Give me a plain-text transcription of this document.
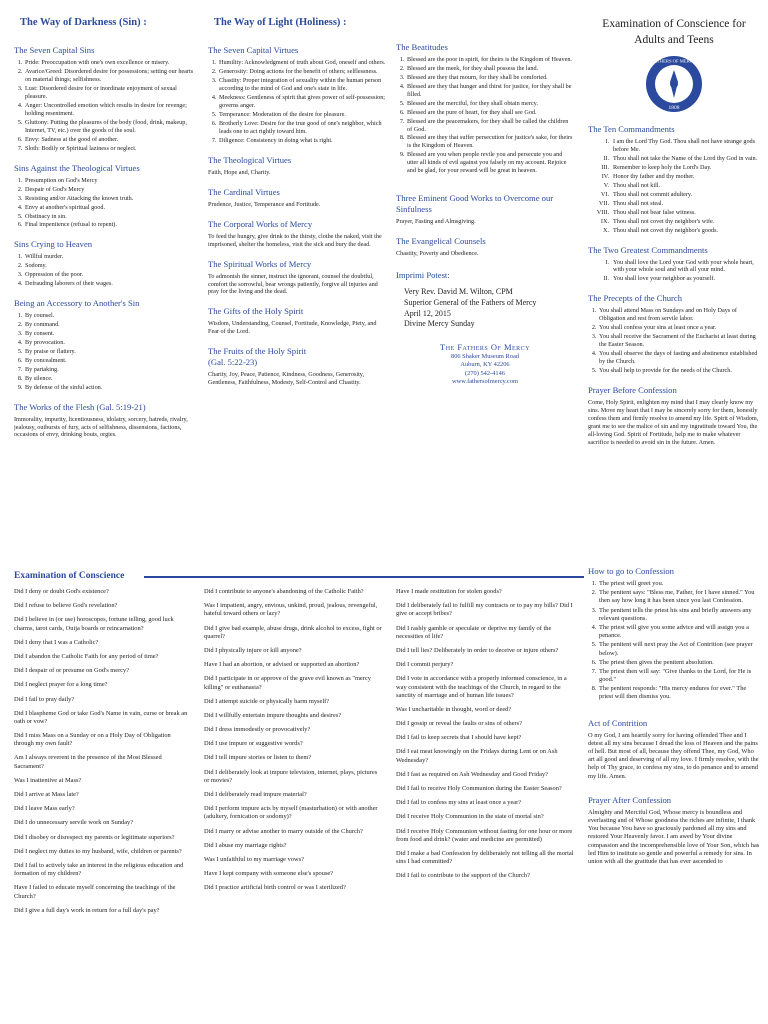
The Way of Darkness (Sin) :
The Seven Capital Sins
1. Pride: Preoccupation with one's own excellence or misery.
2. Avarice/Greed: Disordered desire for possessions; setting our hearts on material things; selfishness.
3. Lust: Disordered desire for or inordinate enjoyment of sexual pleasure.
4. Anger: Uncontrolled emotion which results in desire for revenge; holding resentment.
5. Gluttony: Putting the pleasures of the body (food, drink, makeup, Internet, TV, etc.) over the goods of the soul.
6. Envy: Sadness at the good of another.
7. Sloth: Bodily or Spiritual laziness or neglect.
Sins Against the Theological Virtues
1. Presumption on God's Mercy
2. Despair of God's Mercy
3. Resisting and/or Attacking the known truth.
4. Envy at another's spiritual good.
5. Obstinacy in sin.
6. Final impenitence (refusal to repent).
Sins Crying to Heaven
1. Willful murder.
2. Sodomy.
3. Oppression of the poor.
4. Defrauding laborers of their wages.
Being an Accessory to Another's Sin
1. By counsel.
2. By command.
3. By consent.
4. By provocation.
5. By praise or flattery.
6. By concealment.
7. By partaking.
8. By silence.
9. By defense of the sinful action.
The Works of the Flesh (Gal. 5:19-21)

Immorality, impurity, licentiousness, idolatry, sorcery, hatreds, rivalry, jealousy, outbursts of fury, acts of selfishness, dissensions, factions, occasions of envy, drinking bouts, orgies.

The Way of Light (Holiness) :
The Seven Capital Virtues
1. Humility: Acknowledgment of truth about God, oneself and others.
2. Generosity: Doing actions for the benefit of others; selflessness.
3. Chastity: Proper integration of sexuality within the human person according to the mind of God and one's state in life.
4. Meekness: Gentleness of spirit that gives power of self-possession; governs anger.
5. Temperance: Moderation of the desire for pleasure.
6. Brotherly Love: Desire for the true good of one's neighbor, which leads one to act rightly toward him.
7. Diligence: Consistency in doing what is right.
The Theological Virtues

Faith, Hope and, Charity.

The Cardinal Virtues

Prudence, Justice, Temperance and Fortitude.

The Corporal Works of Mercy

To feed the hungry, give drink to the thirsty, clothe the naked, visit the imprisoned, shelter the homeless, visit the sick and bury the dead.

The Spiritual Works of Mercy

To admonish the sinner, instruct the ignorant, counsel the doubtful, comfort the sorrowful, bear wrongs patiently, forgive all injuries and pray for the living and the dead.

The Gifts of the Holy Spirit

Wisdom, Understanding, Counsel, Fortitude, Knowledge, Piety, and Fear of the Lord.

The Fruits of the Holy Spirit
(Gal. 5:22-23)

Charity, Joy, Peace, Patience, Kindness, Goodness, Generosity, Gentleness, Faithfulness, Modesty, Self-Control and Chastity.

The Beatitudes
1. Blessed are the poor in spirit, for theirs is the Kingdom of Heaven.
2. Blessed are the meek, for they shall possess the land.
3. Blessed are they that mourn, for they shall be comforted.
4. Blessed are they that hunger and thirst for justice, for they shall be filled.
5. Blessed are the merciful, for they shall obtain mercy.
6. Blessed are the pure of heart, for they shall see God.
7. Blessed are the peacemakers, for they shall be called the children of God.
8. Blessed are they that suffer persecution for justice's sake, for theirs is the Kingdom of Heaven.
9. Blessed are you when people revile you and persecute you and utter all kinds of evil against you falsely on my account. Rejoice and be glad, for your reward will be great in heaven.
Three Eminent Good Works to Overcome our Sinfulness

Prayer, Fasting and Almsgiving.

The Evangelical Counsels

Chastity, Poverty and Obedience.

Imprimi Potest:
Very Rev. David M. Wilton, CPM
Superior General of the Fathers of Mercy
April 12, 2015
Divine Mercy Sunday
The Fathers Of Mercy
806 Shaker Museum Road
Auburn, KY 42206
(270) 542-4146
www.fathersofmercy.com
Examination of Conscience for Adults and Teens
1808
FATHERS OF MERCY
The Ten Commandments
I. I am the Lord Thy God. Thou shall not have strange gods before Me.
II. Thou shall not take the Name of the Lord thy God in vain.
III. Remember to keep holy the Lord's Day.
IV. Honor thy father and thy mother.
V. Thou shall not kill.
VI. Thou shall not commit adultery.
VII. Thou shall not steal.
VIII. Thou shall not bear false witness.
IX. Thou shall not covet thy neighbor's wife.
X. Thou shall not covet thy neighbor's goods.
The Two Greatest Commandments
I. You shall love the Lord your God with your whole heart, with your whole soul and with all your mind.
II. You shall love your neighbor as yourself.
The Precepts of the Church
1. You shall attend Mass on Sundays and on Holy Days of Obligation and rest from servile labor.
2. You shall confess your sins at least once a year.
3. You shall receive the Sacrament of the Eucharist at least during the Easter Season.
4. You shall observe the days of fasting and abstinence established by the Church.
5. You shall help to provide for the needs of the Church.
Prayer Before Confession

Come, Holy Spirit, enlighten my mind that I may clearly know my sins. Move my heart that I may be sincerely sorry for them, honestly confess them and firmly resolve to amend my life. Spirit of Wisdom, grant me to see the malice of sin and my ingratitude toward You, the all-loving God. Spirit of Fortitude, help me to make whatever sacrifice is needed to avoid sin in the future. Amen.

Examination of Conscience

Did I deny or doubt God's existence?

Did I refuse to believe God's revelation?

Did I believe in (or use) horoscopes, fortune telling, good luck charms, tarot cards, Ouija boards or reincarnation?

Did I deny that I was a Catholic?

Did I abandon the Catholic Faith for any period of time?

Did I despair of or presume on God's mercy?

Did I neglect prayer for a long time?

Did I fail to pray daily?

Did I blaspheme God or take God's Name in vain, curse or break an oath or vow?

Did I miss Mass on a Sunday or on a Holy Day of Obligation through my own fault?

Am I always reverent in the presence of the Most Blessed Sacrament?

Was I inattentive at Mass?

Did I arrive at Mass late?

Did I leave Mass early?

Did I do unnecessary servile work on Sunday?

Did I disobey or disrespect my parents or legitimate superiors?

Did I neglect my duties to my husband, wife, children or parents?

Did I fail to actively take an interest in the religious education and formation of my children?

Have I failed to educate myself concerning the teachings of the Church?

Did I give a full day's work in return for a full day's pay?

Did I contribute to anyone's abandoning of the Catholic Faith?

Was I impatient, angry, envious, unkind, proud, jealous, revengeful, hateful toward others or lazy?

Did I give bad example, abuse drugs, drink alcohol to excess, fight or quarrel?

Did I physically injure or kill anyone?

Have I had an abortion, or advised or supported an abortion?

Did I participate in or approve of the grave evil known as "mercy killing" or euthanasia?

Did I attempt suicide or physically harm myself?

Did I willfully entertain impure thoughts and desires?

Did I dress immodestly or provocatively?

Did I use impure or suggestive words?

Did I tell impure stories or listen to them?

Did I deliberately look at impure television, internet, plays, pictures or movies?

Did I deliberately read impure material?

Did I perform impure acts by myself (masturbation) or with another (adultery, fornication or sodomy)?

Did I marry or advise another to marry outside of the Church?

Did I abuse my marriage rights?

Was I unfaithful to my marriage vows?

Have I kept company with someone else's spouse?

Did I practice artificial birth control or was I sterilized?

Have I made restitution for stolen goods?

Did I deliberately fail to fulfill my contracts or to pay my bills? Did I give or accept bribes?

Did I rashly gamble or speculate or deprive my family of the necessities of life?

Did I tell lies? Deliberately in order to deceive or injure others?

Did I commit perjury?

Did I vote in accordance with a properly informed conscience, in a way consistent with the teachings of the Church, in regard to the sanctity of marriage and of human life issues?

Was I uncharitable in thought, word or deed?

Did I gossip or reveal the faults or sins of others?

Did I fail to keep secrets that I should have kept?

Did I eat meat knowingly on the Fridays during Lent or on Ash Wednesday?

Did I fast as required on Ash Wednesday and Good Friday?

Did I fail to receive Holy Communion during the Easter Season?

Did I fail to confess my sins at least once a year?

Did I receive Holy Communion in the state of mortal sin?

Did I receive Holy Communion without fasting for one hour or more from food and drink? (water and medicine are permitted)

Did I make a bad Confession by deliberately not telling all the mortal sins I had committed?

Did I fail to contribute to the support of the Church?

How to go to Confession
1. The priest will greet you.
2. The penitent says: "Bless me, Father, for I have sinned." You then say how long it has been since you last Confession.
3. The penitent tells the priest his sins and briefly answers any relevant questions.
4. The priest will give you some advice and will assign you a penance.
5. The penitent will next pray the Act of Contrition (see prayer below).
6. The priest then gives the penitent absolution.
7. The priest then will say: "Give thanks to the Lord, for He is good."
8. The penitent responds: "His mercy endures for ever." The priest will then dismiss you.
Act of Contrition

O my God, I am heartily sorry for having offended Thee and I detest all my sins because I dread the loss of Heaven and the pains of hell. But most of all, because they offend Thee, my God, Who art all good and deserving of all my love. I firmly resolve, with the help of Thy grace, to confess my sins, to do penance and to amend my life. Amen.

Prayer After Confession

Almighty and Merciful God, Whose mercy is boundless and everlasting and of Whose goodness the riches are infinite, I thank You because You have so graciously pardoned all my sins and restored Your Heavenly favor. I am awed by Your divine compassion and the incomprehensible love of Your Son, which has led Him to institute so gentle and powerful a remedy for sins. In union with all the gratitude that has ever ascended to
